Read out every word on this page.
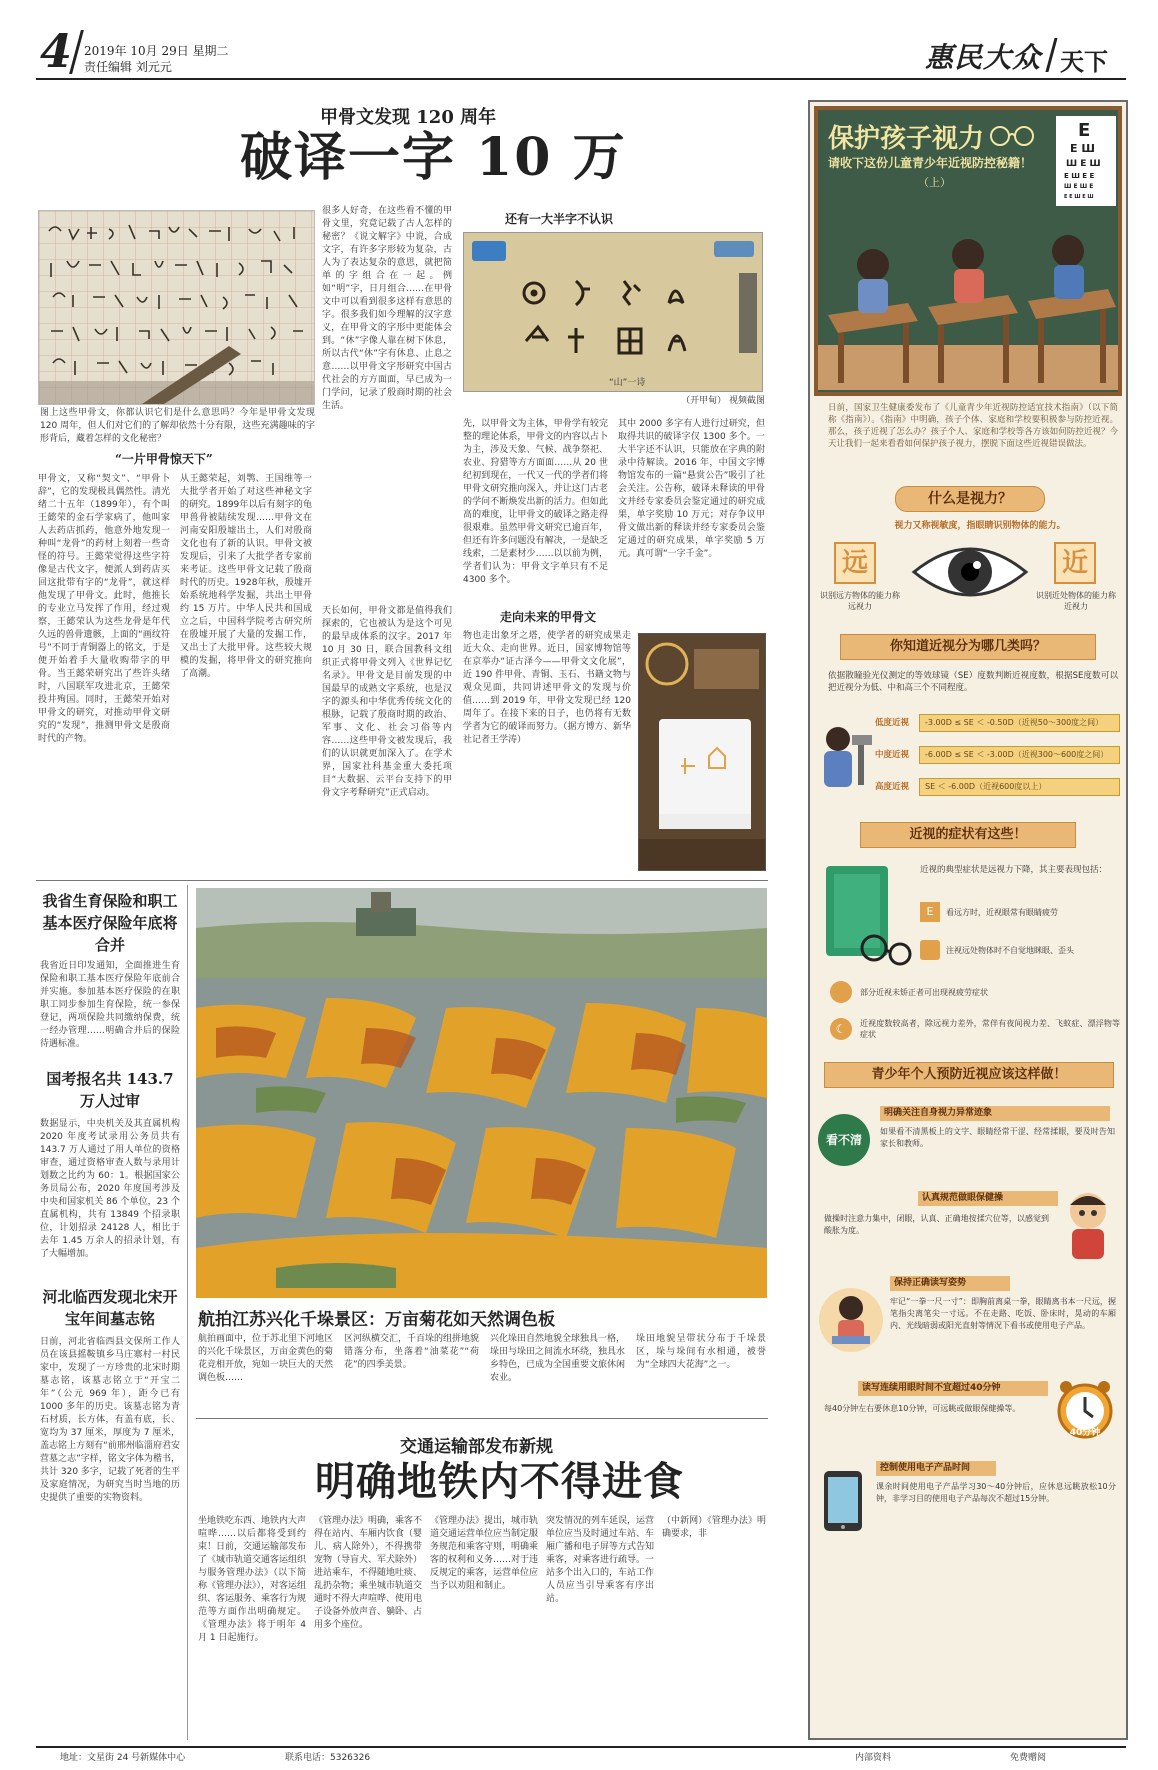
4 2019年 10月 29日 星期二
责任编辑 刘元元	惠民大众 天下
甲骨文发现 120 周年
破译一字 10 万
图上这些甲骨文，你都认识它们是什么意思吗？今年是甲骨文发现 120 周年，但人们对它们的了解却依然十分有限，这些充满趣味的字形背后，藏着怎样的文化秘密？
“一片甲骨惊天下”
甲骨文，又称“契文”、“甲骨卜辞”，它的发现极具偶然性。清光绪二十五年（1899年），有个叫王懿荣的金石学家病了，他叫家人去药店抓药，他意外地发现一种叫“龙骨”的药材上刻着一些奇怪的符号。王懿荣觉得这些字符像是古代文字，便派人到药店买回这批带有字的“龙骨”，就这样他发现了甲骨文。此时，他推长的专业立马发挥了作用，经过观察，王懿荣认为这些龙骨是年代久远的兽骨遗骸，上面的“画纹符号”不同于青铜器上的铭文，于是便开始着手大量收购带字的甲骨。当王懿荣研究出了些许头绪时，八国联军攻进北京，王懿荣投井殉国。同时，王懿荣开始对甲骨文的研究，对推动甲骨文研究的“发现”，推测甲骨文是殷商时代的产物。
从王懿荣起，刘鹗、王国维等一大批学者开始了对这些神秘文字的研究。1899年以后有刻字的龟甲兽骨被陆续发现……甲骨文在河南安阳殷墟出土，人们对殷商文化也有了新的认识。甲骨文被发现后，引来了大批学者专家前来考证。这些甲骨文记载了殷商时代的历史。1928年秋，殷墟开始系统地科学发掘，共出土甲骨约 15 万片。中华人民共和国成立之后，中国科学院考古研究所在殷墟开展了大量的发掘工作，又出土了大批甲骨。这些较大规模的发掘，将甲骨文的研究推向了高潮。
很多人好奇，在这些看不懂的甲骨文里，究竟记载了古人怎样的秘密？《说文解字》中说，合成文字，有许多字形较为复杂，古人为了表达复杂的意思，就把简单的字组合在一起。例如“明”字，日月组合……在甲骨文中可以看到很多这样有意思的字。很多我们如今理解的汉字意义，在甲骨文的字形中更能体会到。“休”字像人靠在树下休息，所以古代“休”字有休息、止息之意……以甲骨文字形研究中国古代社会的方方面面，早已成为一门学问，记录了殷商时期的社会生活。
天长如何，甲骨文都是值得我们探索的，它也被认为是这个可见的最早成体系的汉字。2017 年 10 月 30 日，联合国教科文组织正式将甲骨文列入《世界记忆名录》。甲骨文是目前发现的中国最早的成熟文字系统，也是汉字的源头和中华优秀传统文化的根脉，记载了殷商时期的政治、军事、文化、社会习俗等内容……这些甲骨文被发现后，我们的认识就更加深入了。在学术界，国家社科基金重大委托项目“大数据、云平台支持下的甲骨文字考释研究”正式启动。
还有一大半字不认识
“山”一诗
（开甲甸） 视频截图
先，以甲骨文为主体，甲骨学有较完整的理论体系，甲骨文的内容以占卜为主，涉及天象、气候、战争祭祀、农业、狩猎等方方面面……从 20 世纪初到现在，一代又一代的学者们将甲骨文研究推向深入，并让这门古老的学问不断焕发出新的活力。但如此高的难度，让甲骨文的破译之路走得很艰难。虽然甲骨文研究已逾百年，但还有许多问题没有解决，一是缺乏线索，二是素材少……以以前为例，学者们认为：甲骨文字单只有不足 4300 多个。
其中 2000 多字有人进行过研究，但取得共识的破译字仅 1300 多个。一大半字还不认识，只能放在字典的附录中待解读。2016 年，中国文字博物馆发布的一篇“悬赏公告”吸引了社会关注。公告称，破译未释读的甲骨文并经专家委员会鉴定通过的研究成果，单字奖励 10 万元；对存争议甲骨文做出新的释读并经专家委员会鉴定通过的研究成果，单字奖励 5 万元。真可谓“一字千金”。
走向未来的甲骨文
物也走出象牙之塔，使学者的研究成果走近大众、走向世界。近日，国家博物馆等在京举办“证古泽今——甲骨文文化展”，近 190 件甲骨、青铜、玉石、书籍文物与观众见面，共同讲述甲骨文的发现与价值……到 2019 年，甲骨文发现已经 120 周年了。在接下来的日子，也仍将有无数学者为它的破译而努力。（据方博方、新华社记者王学涛）
我省生育保险和职工基本医疗保险年底将合并
我省近日印发通知，全面推进生育保险和职工基本医疗保险年底前合并实施。参加基本医疗保险的在职职工同步参加生育保险，统一参保登记，两项保险共同缴纳保费，统一经办管理……明确合并后的保险待遇标准。
国考报名共 143.7 万人过审
数据显示，中央机关及其直属机构 2020 年度考试录用公务员共有 143.7 万人通过了用人单位的资格审查，通过资格审查人数与录用计划数之比约为 60：1。根据国家公务员局公布，2020 年度国考涉及中央和国家机关 86 个单位，23 个直属机构，共有 13849 个招录职位，计划招录 24128 人，相比于去年 1.45 万余人的招录计划，有了大幅增加。
河北临西发现北宋开宝年间墓志铭
日前，河北省临西县文保所工作人员在该县摇鞍镇乡马庄寨村一村民家中，发现了一方珍贵的北宋时期墓志铭，该墓志铭立于“开宝二年”（公元 969 年），距今已有 1000 多年的历史。该墓志铭为青石材质，长方体，有盖有底，长、宽均为 37 厘米，厚度为 7 厘米，盖志铭上方刻有“前邢州临淄府君安营墓之志”字样，铭文字体为楷书，共计 320 多字，记载了死者的生平及家庭情况，为研究当时当地的历史提供了重要的实物资料。
航拍江苏兴化千垛景区：万亩菊花如天然调色板
航拍画面中，位于苏北里下河地区的兴化千垛景区，万亩金黄色的菊花竞相开放，宛如一块巨大的天然调色板……
区河纵横交汇，千百垛的组拼地貌错落分布，坐落着“油菜花”“荷花”的四季美景。
兴化垛田自然地貌全球独具一格，垛田与垛田之间流水环绕，独具水乡特色，已成为全国重要文旅休闲农业。
垛田地貌呈带状分布于千垛景区，垛与垛间有水相通，被誉为“全球四大花海”之一。
交通运输部发布新规
明确地铁内不得进食
坐地铁吃东西、地铁内大声喧哗……以后都将受到约束！日前，交通运输部发布了《城市轨道交通客运组织与服务管理办法》（以下简称《管理办法》），对客运组织、客运服务、乘客行为规范等方面作出明确规定。《管理办法》将于明年 4 月 1 日起施行。
《管理办法》明确，乘客不得在站内、车厢内饮食（婴儿、病人除外），不得携带宠物（导盲犬、军犬除外）进站乘车，不得随地吐痰、乱扔杂物；乘坐城市轨道交通时不得大声喧哗、使用电子设备外放声音、躺卧、占用多个座位。
《管理办法》提出，城市轨道交通运营单位应当制定服务规范和乘客守则，明确乘客的权利和义务……对于违反规定的乘客，运营单位应当予以劝阻和制止。
突发情况的列车延误，运营单位应当及时通过车站、车厢广播和电子屏等方式告知乘客，对乘客进行疏导。一站多个出入口的，车站工作人员应当引导乘客有序出站。
（中新网）《管理办法》明确要求，非
保护孩子视力	E
E Ш
Ш E Ш
E Ш E E
Ш E Ш E
E E Ш E Ш
请收下这份儿童青少年近视防控秘籍！
（上）
日前，国家卫生健康委发布了《儿童青少年近视防控适宜技术指南》（以下简称《指南》）。《指南》中明确，孩子个体、家庭和学校要积极参与防控近视。那么，孩子近视了怎么办？孩子个人、家庭和学校等各方该如何防控近视？今天让我们一起来看看如何保护孩子视力，摆脱下面这些近视错误做法。
什么是视力？
视力又称视敏度，指眼睛识别物体的能力。
远	近
识别远方物体的能力称远视力
识别近处物体的能力称近视力
你知道近视分为哪几类吗？
依据散瞳验光仪测定的等效球镜（SE）度数判断近视度数，根据SE度数可以把近视分为低、中和高三个不同程度。
低度近视	-3.00D ≤ SE ＜ -0.50D（近视50～300度之间）
中度近视	-6.00D ≤ SE ＜ -3.00D（近视300～600度之间）
高度近视	SE ＜ -6.00D（近视600度以上）
近视的症状有这些！
近视的典型症状是远视力下降，其主要表现包括：
E	看远方时，近视眼常有眼睛疲劳
注视远处物体时不自觉地眯眼、歪头
部分近视未矫正者可出现视疲劳症状
☾	近视度数较高者，除远视力差外，常伴有夜间视力差、飞蚊症、漂浮物等症状
青少年个人预防近视应该这样做！
看不清
明确关注自身视力异常迹象
如果看不清黑板上的文字、眼睛经常干涩、经常揉眼，要及时告知家长和教师。
认真规范做眼保健操
做操时注意力集中，闭眼，认真、正确地按揉穴位等，以感觉到酸胀为度。
保持正确读写姿势
牢记“一拳一尺一寸”：即胸前离桌一拳，眼睛离书本一尺远，握笔指尖离笔尖一寸远。不在走路、吃饭、卧床时，晃动的车厢内、光线暗弱或阳光直射等情况下看书或使用电子产品。
读写连续用眼时间不宜超过40分钟
每40分钟左右要休息10分钟，可远眺或做眼保健操等。
40分钟
控制使用电子产品时间
课余时间使用电子产品学习30～40分钟后，应休息远眺放松10分钟，非学习目的使用电子产品每次不超过15分钟。
地址：文星街 24 号新媒体中心	联系电话：5326326	内部资料	免费赠阅
